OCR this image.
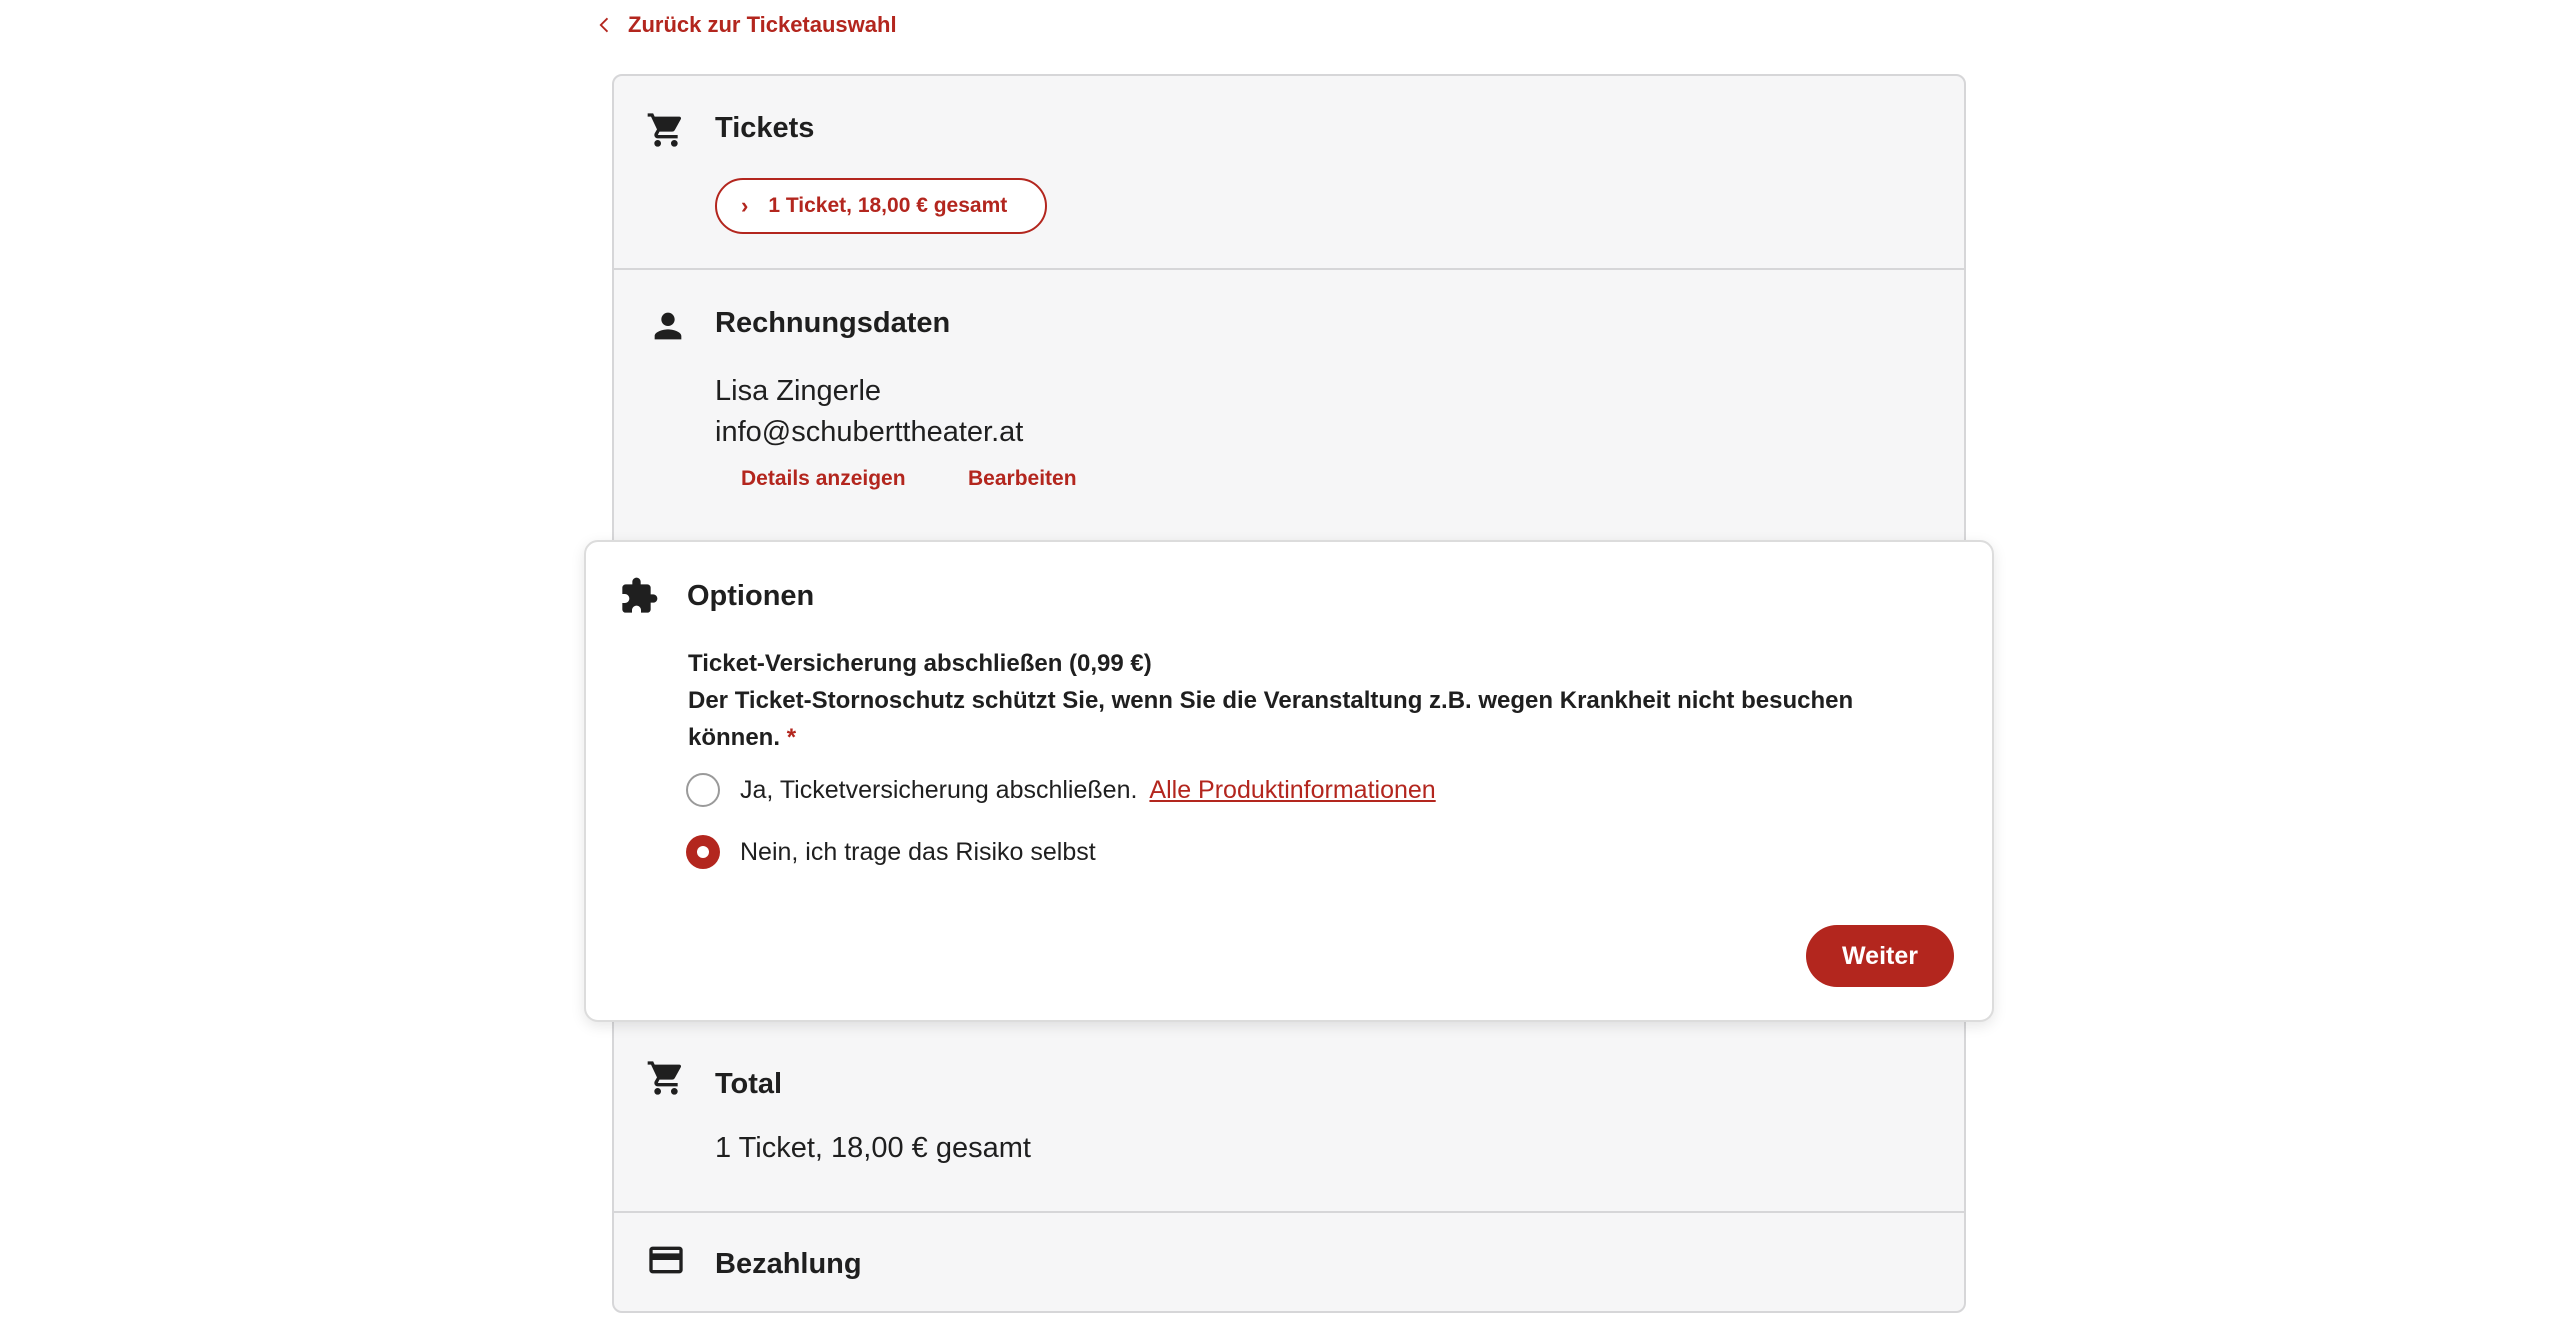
Zurück zur Ticketauswahl
Tickets
› 1 Ticket, 18,00 € gesamt
Rechnungsdaten
Lisa Zingerle
info@schuberttheater.at
Details anzeigen	Bearbeiten
Optionen
Ticket-Versicherung abschließen (0,99 €)
Der Ticket-Stornoschutz schützt Sie, wenn Sie die Veranstaltung z.B. wegen Krankheit nicht besuchen
können. *
Ja, Ticketversicherung abschließen. Alle Produktinformationen
Nein, ich trage das Risiko selbst
Weiter
Total
1 Ticket, 18,00 € gesamt
Bezahlung
